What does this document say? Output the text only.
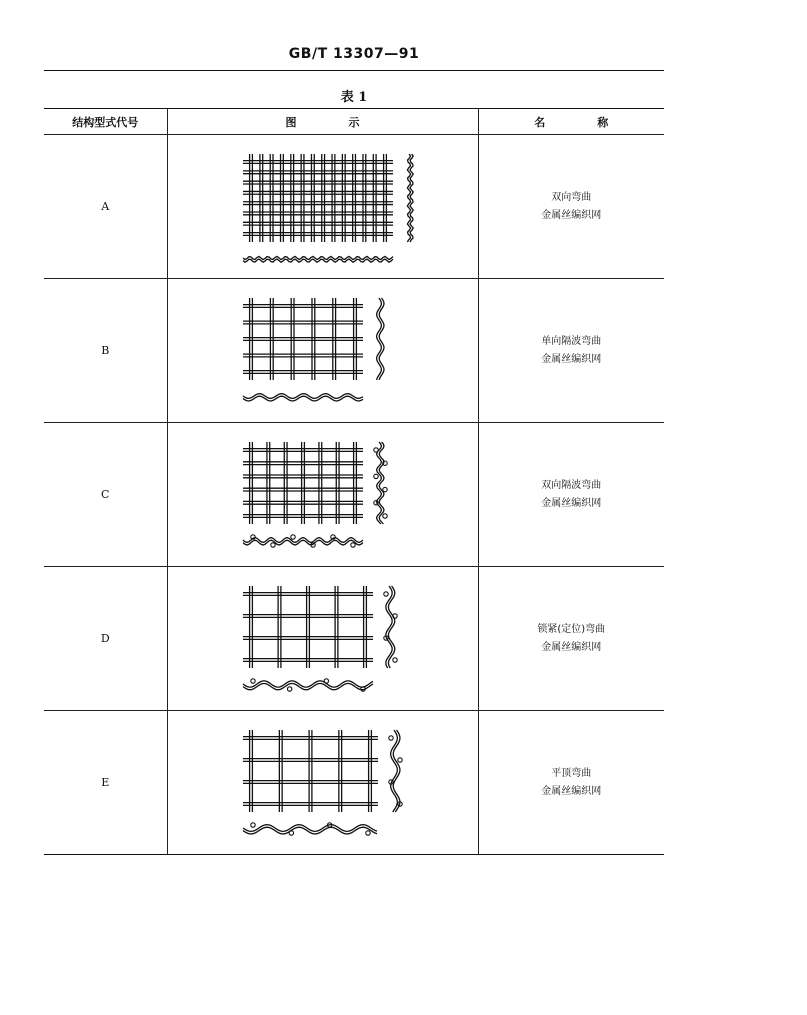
GB/T 13307—91
表 1
结构型式代号	图示	名称
A		双向弯曲
金属丝编织网

B		单向隔波弯曲
金属丝编织网

C		双向隔波弯曲
金属丝编织网

D		锁紧(定位)弯曲
金属丝编织网

E		平顶弯曲
金属丝编织网
